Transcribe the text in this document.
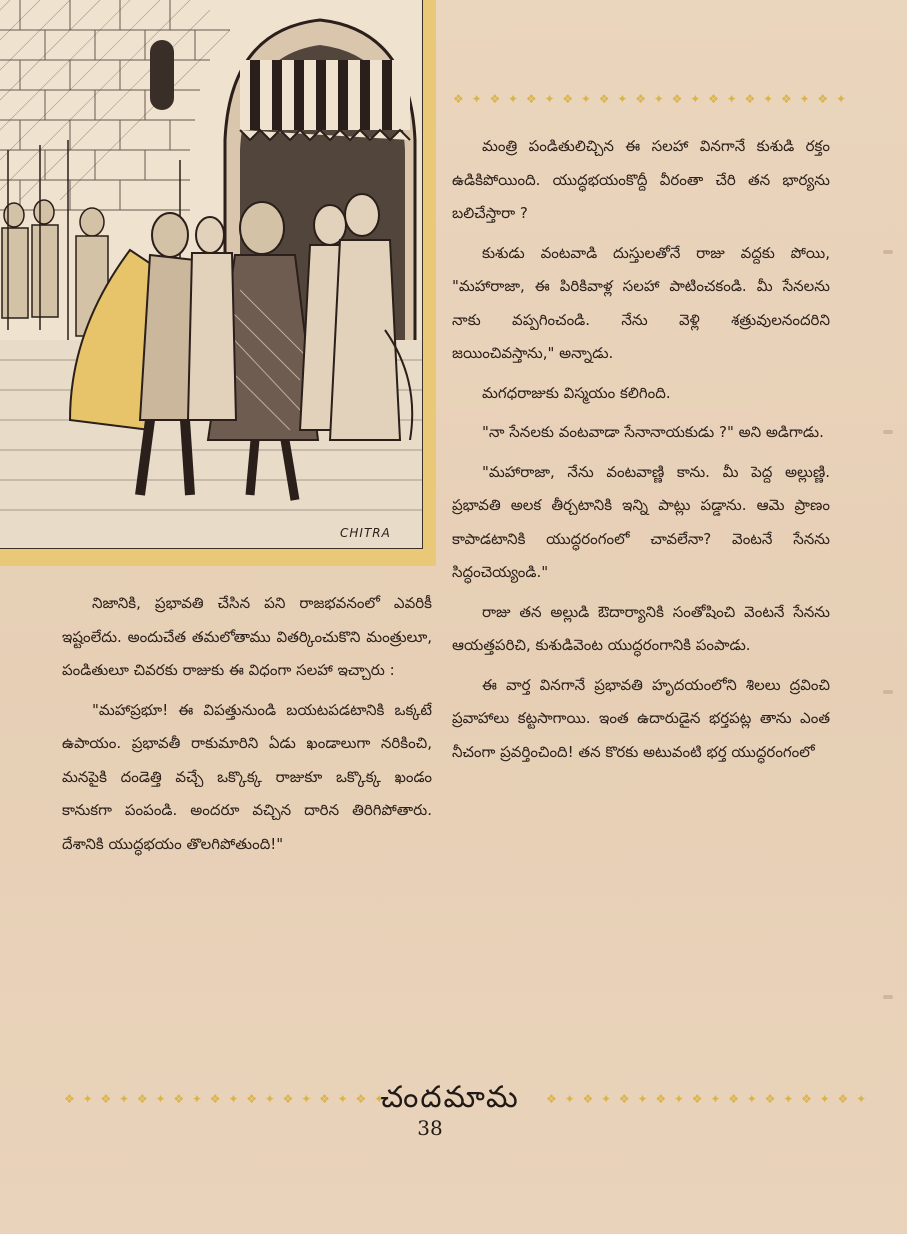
CHITRA
❖ ✦ ❖ ✦ ❖ ✦ ❖ ✦ ❖ ✦ ❖ ✦ ❖ ✦ ❖ ✦ ❖ ✦ ❖ ✦ ❖ ✦

మంత్రి పండితులిచ్చిన ఈ సలహా వినగానే కుశుడి రక్తం ఉడికిపోయింది. యుద్ధభయంకొద్దీ వీరంతా చేరి తన భార్యను బలిచేస్తారా ?

కుశుడు వంటవాడి దుస్తులతోనే రాజు వద్దకు పోయి, "మహారాజా, ఈ పిరికివాళ్ల సలహా పాటించకండి. మీ సేనలను నాకు వప్పగించండి. నేను వెళ్లి శత్రువులనందరిని జయించివస్తాను," అన్నాడు.

మగధరాజుకు విస్మయం కలిగింది.

"నా సేనలకు వంటవాడా సేనానాయకుడు ?" అని అడిగాడు.

"మహారాజా, నేను వంటవాణ్ణి కాను. మీ పెద్ద అల్లుణ్ణి. ప్రభావతి అలక తీర్చటానికి ఇన్ని పాట్లు పడ్డాను. ఆమె ప్రాణం కాపాడటానికి యుద్ధరంగంలో చావలేనా? వెంటనే సేనను సిద్ధంచెయ్యండి."

రాజు తన అల్లుడి ఔదార్యానికి సంతోషించి వెంటనే సేనను ఆయత్తపరిచి, కుశుడివెంట యుద్ధరంగానికి పంపాడు.

ఈ వార్త వినగానే ప్రభావతి హృదయంలోని శిలలు ద్రవించి ప్రవాహాలు కట్టసాగాయి. ఇంత ఉదారుడైన భర్తపట్ల తాను ఎంత నీచంగా ప్రవర్తించింది! తన కొరకు అటువంటి భర్త యుద్ధరంగంలో

నిజానికి, ప్రభావతి చేసిన పని రాజభవనంలో ఎవరికీ ఇష్టంలేదు. అందుచేత తమలోతాము వితర్కించుకొని మంత్రులూ, పండితులూ చివరకు రాజుకు ఈ విధంగా సలహా ఇచ్చారు :

"మహాప్రభూ! ఈ విపత్తునుండి బయటపడటానికి ఒక్కటే ఉపాయం. ప్రభావతీ రాకుమారిని ఏడు ఖండాలుగా నరికించి, మనపైకి దండెత్తి వచ్చే ఒక్కొక్క రాజుకూ ఒక్కొక్క ఖండం కానుకగా పంపండి. అందరూ వచ్చిన దారిన తిరిగిపోతారు. దేశానికి యుద్ధభయం తొలగిపోతుంది!"

❖ ✦ ❖ ✦ ❖ ✦ ❖ ✦ ❖ ✦ ❖ ✦ ❖ ✦ ❖ ✦ ❖ ✦
చందమామ	❖ ✦ ❖ ✦ ❖ ✦ ❖ ✦ ❖ ✦ ❖ ✦ ❖ ✦ ❖ ✦ ❖ ✦
38
